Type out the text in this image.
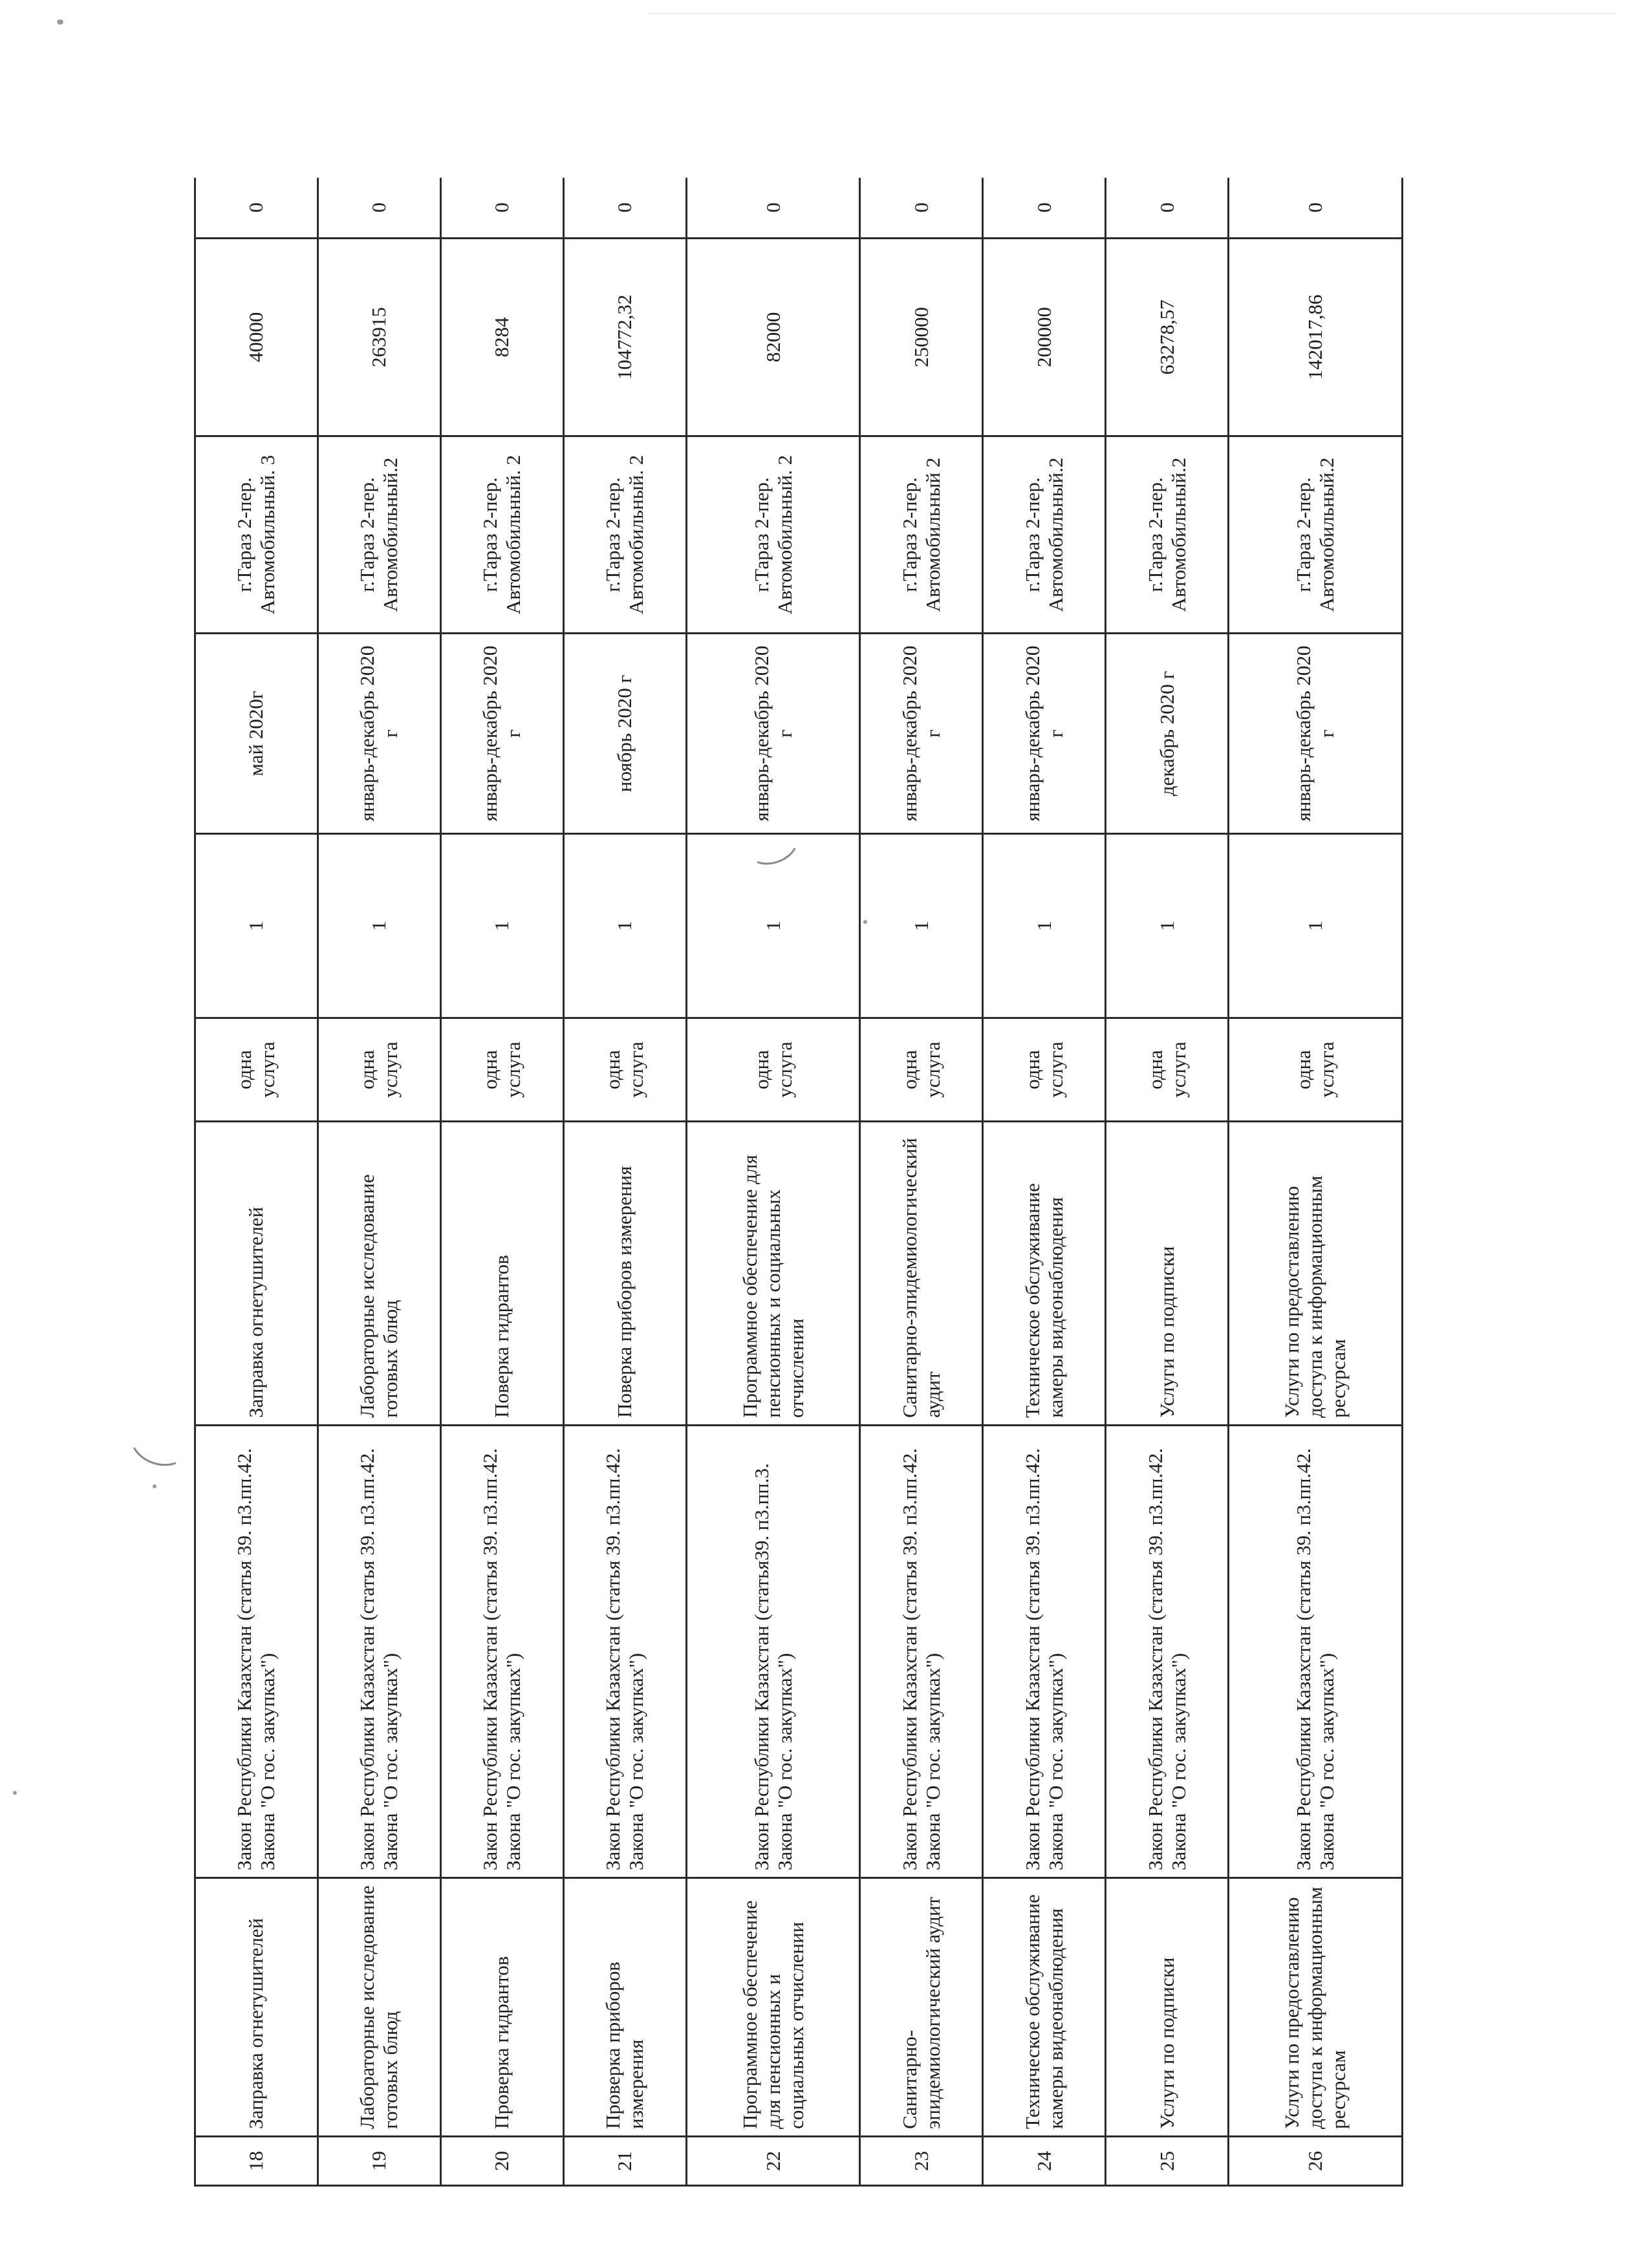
18	Заправка огнетушителей	Закон Республики Казахстан (статья 39. п3.пп.42. Закона "О гос. закупках")	Заправка огнетушителей	одна услуга	1	май 2020г	г.Тараз 2-пер. Автомобильный. 3	40000	0
19	Лабораторные исследование готовых блюд	Закон Республики Казахстан (статья 39. п3.пп.42. Закона "О гос. закупках")	Лабораторные исследование готовых блюд	одна услуга	1	январь-декабрь 2020 г	г.Тараз 2-пер. Автомобильный.2	263915	0
20	Проверка гидрантов	Закон Республики Казахстан (статья 39. п3.пп.42. Закона "О гос. закупках")	Поверка гидрантов	одна услуга	1	январь-декабрь 2020 г	г.Тараз 2-пер. Автомобильный. 2	8284	0
21	Проверка приборов измерения	Закон Республики Казахстан (статья 39. п3.пп.42. Закона "О гос. закупках")	Поверка приборов измерения	одна услуга	1	ноябрь 2020 г	г.Тараз 2-пер. Автомобильный. 2	104772,32	0
22	Программное обеспечение для пенсионных и социальных отчислении	Закон Республики Казахстан (статья39. п3.пп.3. Закона "О гос. закупках")	Программное обеспечение для пенсионных и социальных отчислении	одна услуга	1	январь-декабрь 2020 г	г.Тараз 2-пер. Автомобильный. 2	82000	0
23	Санитарно-эпидемиологический аудит	Закон Республики Казахстан (статья 39. п3.пп.42. Закона "О гос. закупках")	Санитарно-эпидемиологический аудит	одна услуга	1	январь-декабрь 2020 г	г.Тараз 2-пер. Автомобильный 2	250000	0
24	Техническое обслуживание камеры видеонаблюдения	Закон Республики Казахстан (статья 39. п3.пп.42. Закона "О гос. закупках")	Техническое обслуживание камеры видеонаблюдения	одна услуга	1	январь-декабрь 2020 г	г.Тараз 2-пер. Автомобильный.2	200000	0
25	Услуги по подписки	Закон Республики Казахстан (статья 39. п3.пп.42. Закона "О гос. закупках")	Услуги по подписки	одна услуга	1	декабрь 2020 г	г.Тараз 2-пер. Автомобильный.2	63278,57	0
26	Услуги по предоставлению доступа к информационным ресурсам	Закон Республики Казахстан (статья 39. п3.пп.42. Закона "О гос. закупках")	Услуги по предоставлению доступа к информационным ресурсам	одна услуга	1	январь-декабрь 2020 г	г.Тараз 2-пер. Автомобильный.2	142017,86	0
